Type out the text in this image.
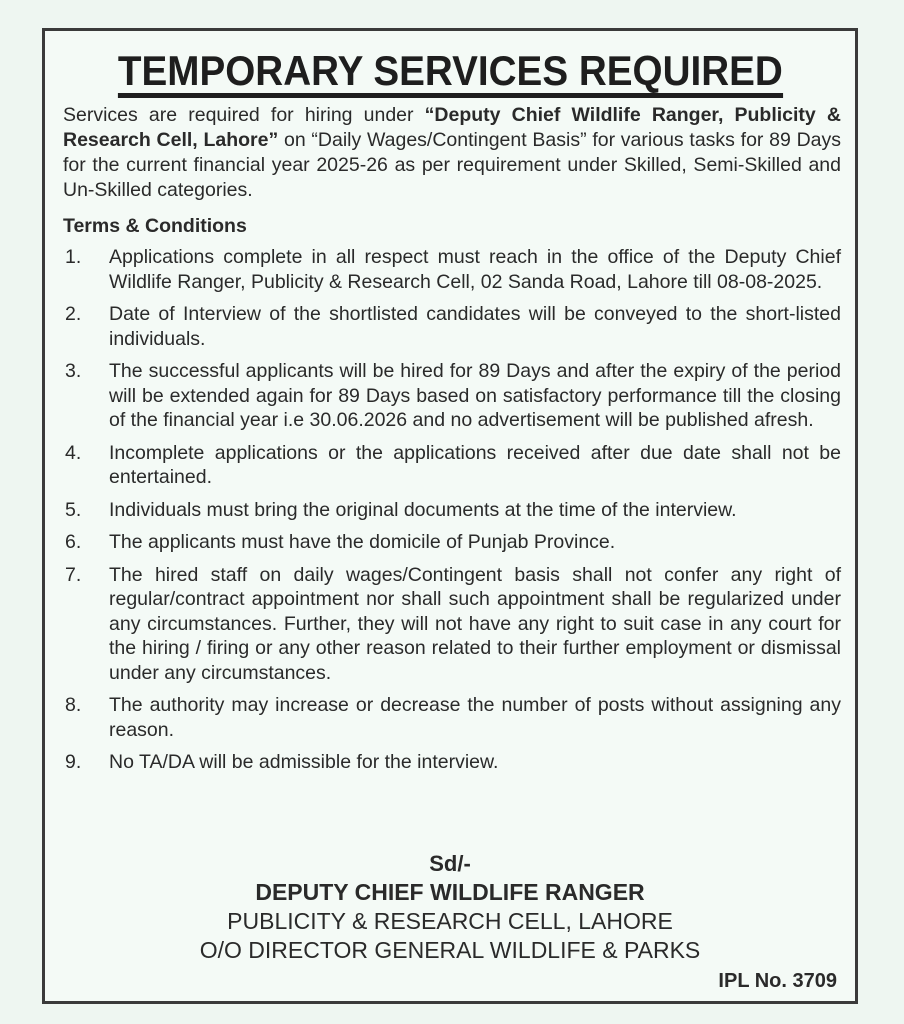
TEMPORARY SERVICES REQUIRED
Services are required for hiring under “Deputy Chief Wildlife Ranger, Publicity & Research Cell, Lahore” on “Daily Wages/Contingent Basis” for various tasks for 89 Days for the current financial year 2025-26 as per requirement under Skilled, Semi-Skilled and Un-Skilled categories.
Terms & Conditions
1. Applications complete in all respect must reach in the office of the Deputy Chief Wildlife Ranger, Publicity & Research Cell, 02 Sanda Road, Lahore till 08-08-2025.
2. Date of Interview of the shortlisted candidates will be conveyed to the short-listed individuals.
3. The successful applicants will be hired for 89 Days and after the expiry of the period will be extended again for 89 Days based on satisfactory performance till the closing of the financial year i.e 30.06.2026 and no advertisement will be published afresh.
4. Incomplete applications or the applications received after due date shall not be entertained.
5. Individuals must bring the original documents at the time of the interview.
6. The applicants must have the domicile of Punjab Province.
7. The hired staff on daily wages/Contingent basis shall not confer any right of regular/contract appointment nor shall such appointment shall be regularized under any circumstances. Further, they will not have any right to suit case in any court for the hiring / firing or any other reason related to their further employment or dismissal under any circumstances.
8. The authority may increase or decrease the number of posts without assigning any reason.
9. No TA/DA will be admissible for the interview.
Sd/-
DEPUTY CHIEF WILDLIFE RANGER
PUBLICITY & RESEARCH CELL, LAHORE
O/O DIRECTOR GENERAL WILDLIFE & PARKS
IPL No. 3709
